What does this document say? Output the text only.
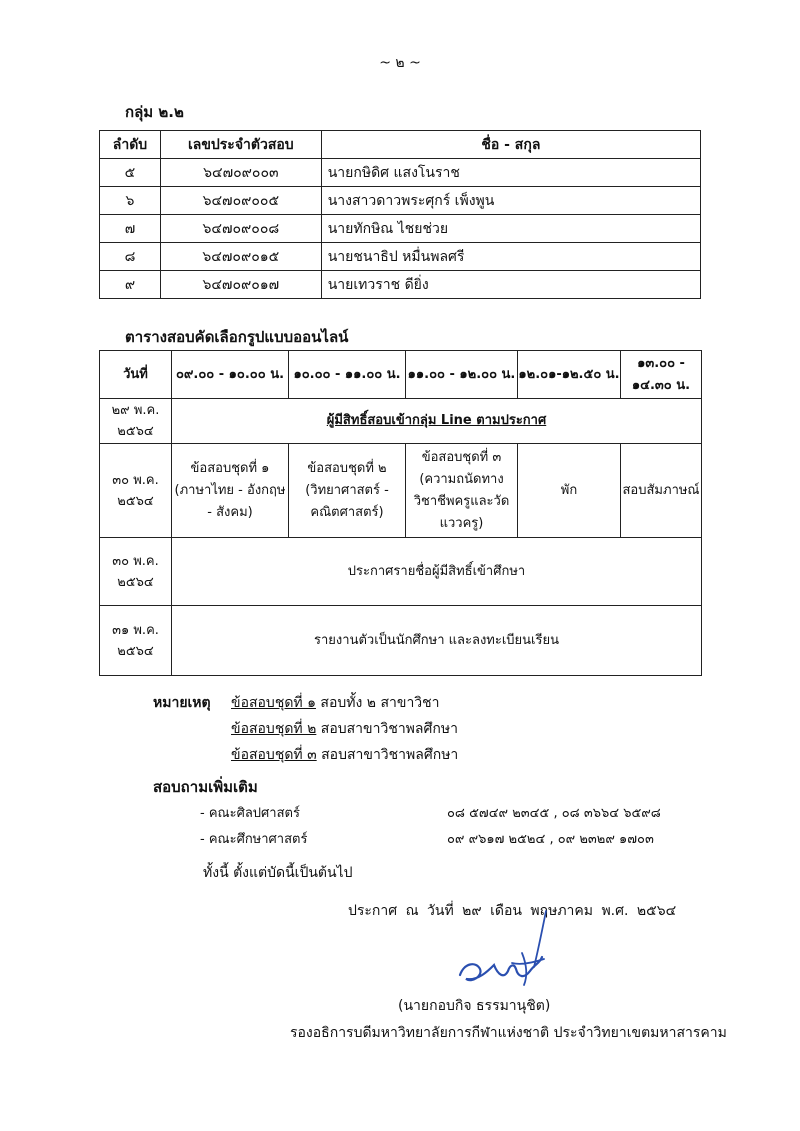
~ ๒ ~
กลุ่ม ๒.๒
ลำดับ	เลขประจำตัวสอบ	ชื่อ - สกุล
๕	๖๔๗๐๙๐๐๓	นายกษิดิศ แสงโนราช
๖	๖๔๗๐๙๐๐๕	นางสาวดาวพระศุกร์ เพ็งพูน
๗	๖๔๗๐๙๐๐๘	นายทักษิณ ไชยช่วย
๘	๖๔๗๐๙๐๑๕	นายชนาธิป หมื่นพลศรี
๙	๖๔๗๐๙๐๑๗	นายเทวราช ดียิ่ง
ตารางสอบคัดเลือกรูปแบบออนไลน์
วันที่	๐๙.๐๐ - ๑๐.๐๐ น.	๑๐.๐๐ - ๑๑.๐๐ น.	๑๑.๐๐ - ๑๒.๐๐ น.	๑๒.๐๑-๑๒.๕๐ น.	๑๓.๐๐ - ๑๔.๓๐ น.
๒๙ พ.ค. ๒๕๖๔	ผู้มีสิทธิ์สอบเข้ากลุ่ม Line ตามประกาศ				
๓๐ พ.ค. ๒๕๖๔	ข้อสอบชุดที่ ๑ (ภาษาไทย - อังกฤษ - สังคม)	ข้อสอบชุดที่ ๒ (วิทยาศาสตร์ - คณิตศาสตร์)	ข้อสอบชุดที่ ๓ (ความถนัดทางวิชาชีพครูและวัดแววครู)	พัก	สอบสัมภาษณ์
๓๐ พ.ค. ๒๕๖๔	ประกาศรายชื่อผู้มีสิทธิ์เข้าศึกษา				
๓๑ พ.ค. ๒๕๖๔	รายงานตัวเป็นนักศึกษา และลงทะเบียนเรียน				
หมายเหตุ	ข้อสอบชุดที่ ๑ สอบทั้ง ๒ สาขาวิชา
ข้อสอบชุดที่ ๒ สอบสาขาวิชาพลศึกษา
ข้อสอบชุดที่ ๓ สอบสาขาวิชาพลศึกษา
สอบถามเพิ่มเติม
- คณะศิลปศาสตร์	๐๘ ๕๗๔๙ ๒๓๔๕ , ๐๘ ๓๖๖๔ ๖๕๙๘
- คณะศึกษาศาสตร์	๐๙ ๙๖๑๗ ๒๕๒๔ , ๐๙ ๒๓๒๙ ๑๗๐๓
ทั้งนี้ ตั้งแต่บัดนี้เป็นต้นไป
ประกาศ ณ วันที่ ๒๙ เดือน พฤษภาคม พ.ศ. ๒๕๖๔
(นายกอบกิจ ธรรมานุชิต)
รองอธิการบดีมหาวิทยาลัยการกีฬาแห่งชาติ ประจำวิทยาเขตมหาสารคาม
